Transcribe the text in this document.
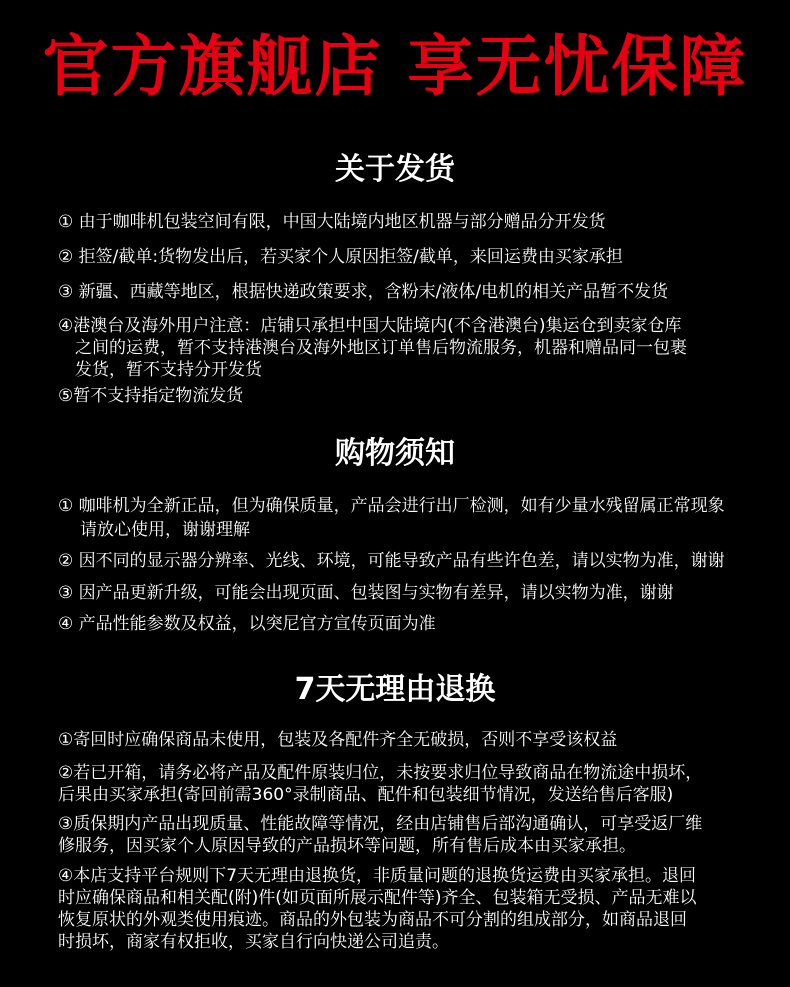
官方旗舰店 享无忧保障
关于发货
① 由于咖啡机包装空间有限，中国大陆境内地区机器与部分赠品分开发货
② 拒签/截单:货物发出后，若买家个人原因拒签/截单，来回运费由买家承担
③ 新疆、西藏等地区，根据快递政策要求，含粉末/液体/电机的相关产品暂不发货
④港澳台及海外用户注意：店铺只承担中国大陆境内(不含港澳台)集运仓到卖家仓库
之间的运费，暂不支持港澳台及海外地区订单售后物流服务，机器和赠品同一包裹
发货，暂不支持分开发货
⑤暂不支持指定物流发货
购物须知
① 咖啡机为全新正品，但为确保质量，产品会进行出厂检测，如有少量水残留属正常现象
请放心使用，谢谢理解
② 因不同的显示器分辨率、光线、环境，可能导致产品有些许色差，请以实物为准，谢谢
③ 因产品更新升级，可能会出现页面、包装图与实物有差异，请以实物为准，谢谢
④ 产品性能参数及权益，以突尼官方宣传页面为准
7天无理由退换
①寄回时应确保商品未使用，包装及各配件齐全无破损，否则不享受该权益
②若已开箱，请务必将产品及配件原装归位，未按要求归位导致商品在物流途中损坏，
后果由买家承担(寄回前需360°录制商品、配件和包装细节情况，发送给售后客服)
③质保期内产品出现质量、性能故障等情况，经由店铺售后部沟通确认，可享受返厂维
修服务，因买家个人原因导致的产品损坏等问题，所有售后成本由买家承担。
④本店支持平台规则下7天无理由退换货，非质量问题的退换货运费由买家承担。退回
时应确保商品和相关配(附)件(如页面所展示配件等)齐全、包装箱无受损、产品无难以
恢复原状的外观类使用痕迹。商品的外包装为商品不可分割的组成部分，如商品退回
时损坏，商家有权拒收，买家自行向快递公司追责。
